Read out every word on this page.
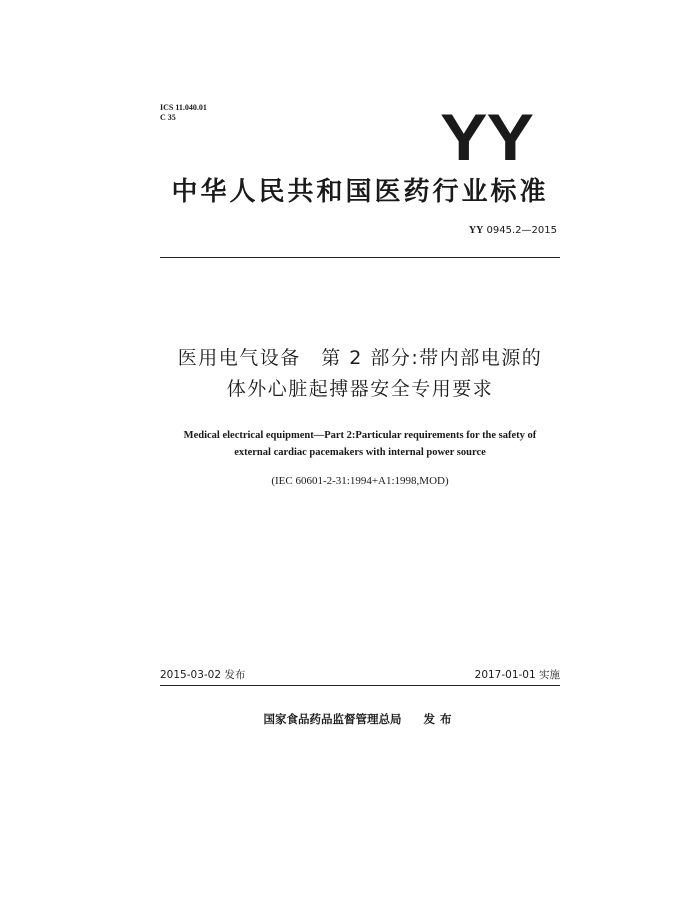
ICS 11.040.01
C 35	YY
中华人民共和国医药行业标准
YY 0945.2—2015
医用电气设备　第 2 部分:带内部电源的
体外心脏起搏器安全专用要求
Medical electrical equipment—Part 2:Particular requirements for the safety of
external cardiac pacemakers with internal power source
(IEC 60601-2-31:1994+A1:1998,MOD)
2015-03-02 发布	2017-01-01 实施
国家食品药品监督管理总局 发布
